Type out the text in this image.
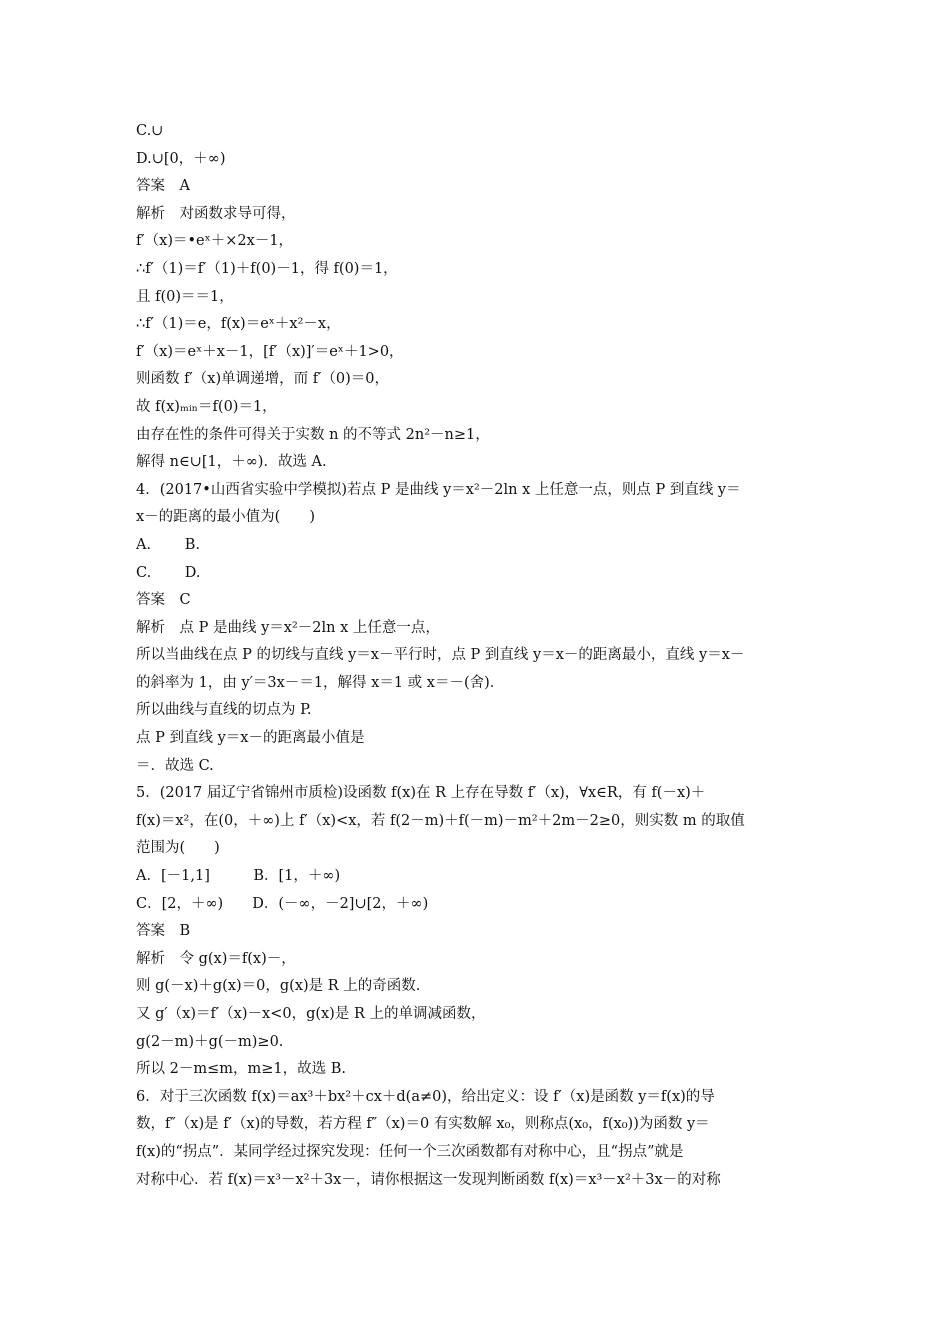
C.∪
D.∪[0，＋∞)
答案　A
解析　对函数求导可得，
f′（x)＝•eˣ＋×2x－1，
∴f′（1)＝f′（1)＋f(0)－1，得 f(0)＝1，
且 f(0)＝＝1，
∴f′（1)＝e，f(x)＝eˣ＋x²－x，
f′（x)＝eˣ＋x－1，[f′（x)]′＝eˣ＋1>0，
则函数 f′（x)单调递增，而 f′（0)＝0，
故 f(x)ₘᵢₙ＝f(0)＝1，
由存在性的条件可得关于实数 n 的不等式 2n²－n≥1，
解得 n∈∪[1，＋∞)．故选 A.
4．(2017•山西省实验中学模拟)若点 P 是曲线 y＝x²－2ln x 上任意一点，则点 P 到直线 y＝
x－的距离的最小值为(　　)
A.　　 B.
C.　　 D.
答案　C
解析　点 P 是曲线 y＝x²－2ln x 上任意一点，
所以当曲线在点 P 的切线与直线 y＝x－平行时，点 P 到直线 y＝x－的距离最小，直线 y＝x－
的斜率为 1，由 y′＝3x－＝1，解得 x＝1 或 x＝－(舍)．
所以曲线与直线的切点为 P.
点 P 到直线 y＝x－的距离最小值是
＝．故选 C.
5．(2017 届辽宁省锦州市质检)设函数 f(x)在 R 上存在导数 f′（x)，∀x∈R，有 f(－x)＋
f(x)＝x²，在(0，＋∞)上 f′（x)<x，若 f(2－m)＋f(－m)－m²＋2m－2≥0，则实数 m 的取值
范围为(　　)
A．[－1,1]　　　B．[1，＋∞)
C．[2，＋∞)　　D．(－∞，－2]∪[2，＋∞)
答案　B
解析　令 g(x)＝f(x)－，
则 g(－x)＋g(x)＝0，g(x)是 R 上的奇函数.
又 g′（x)＝f′（x)－x<0，g(x)是 R 上的单调减函数，
g(2－m)＋g(－m)≥0.
所以 2－m≤m，m≥1，故选 B.
6．对于三次函数 f(x)＝ax³＋bx²＋cx＋d(a≠0)，给出定义：设 f′（x)是函数 y＝f(x)的导
数，f″（x)是 f′（x)的导数，若方程 f″（x)＝0 有实数解 x₀，则称点(x₀，f(x₀))为函数 y＝
f(x)的“拐点”．某同学经过探究发现：任何一个三次函数都有对称中心，且“拐点”就是
对称中心．若 f(x)＝x³－x²＋3x－，请你根据这一发现判断函数 f(x)＝x³－x²＋3x－的对称
